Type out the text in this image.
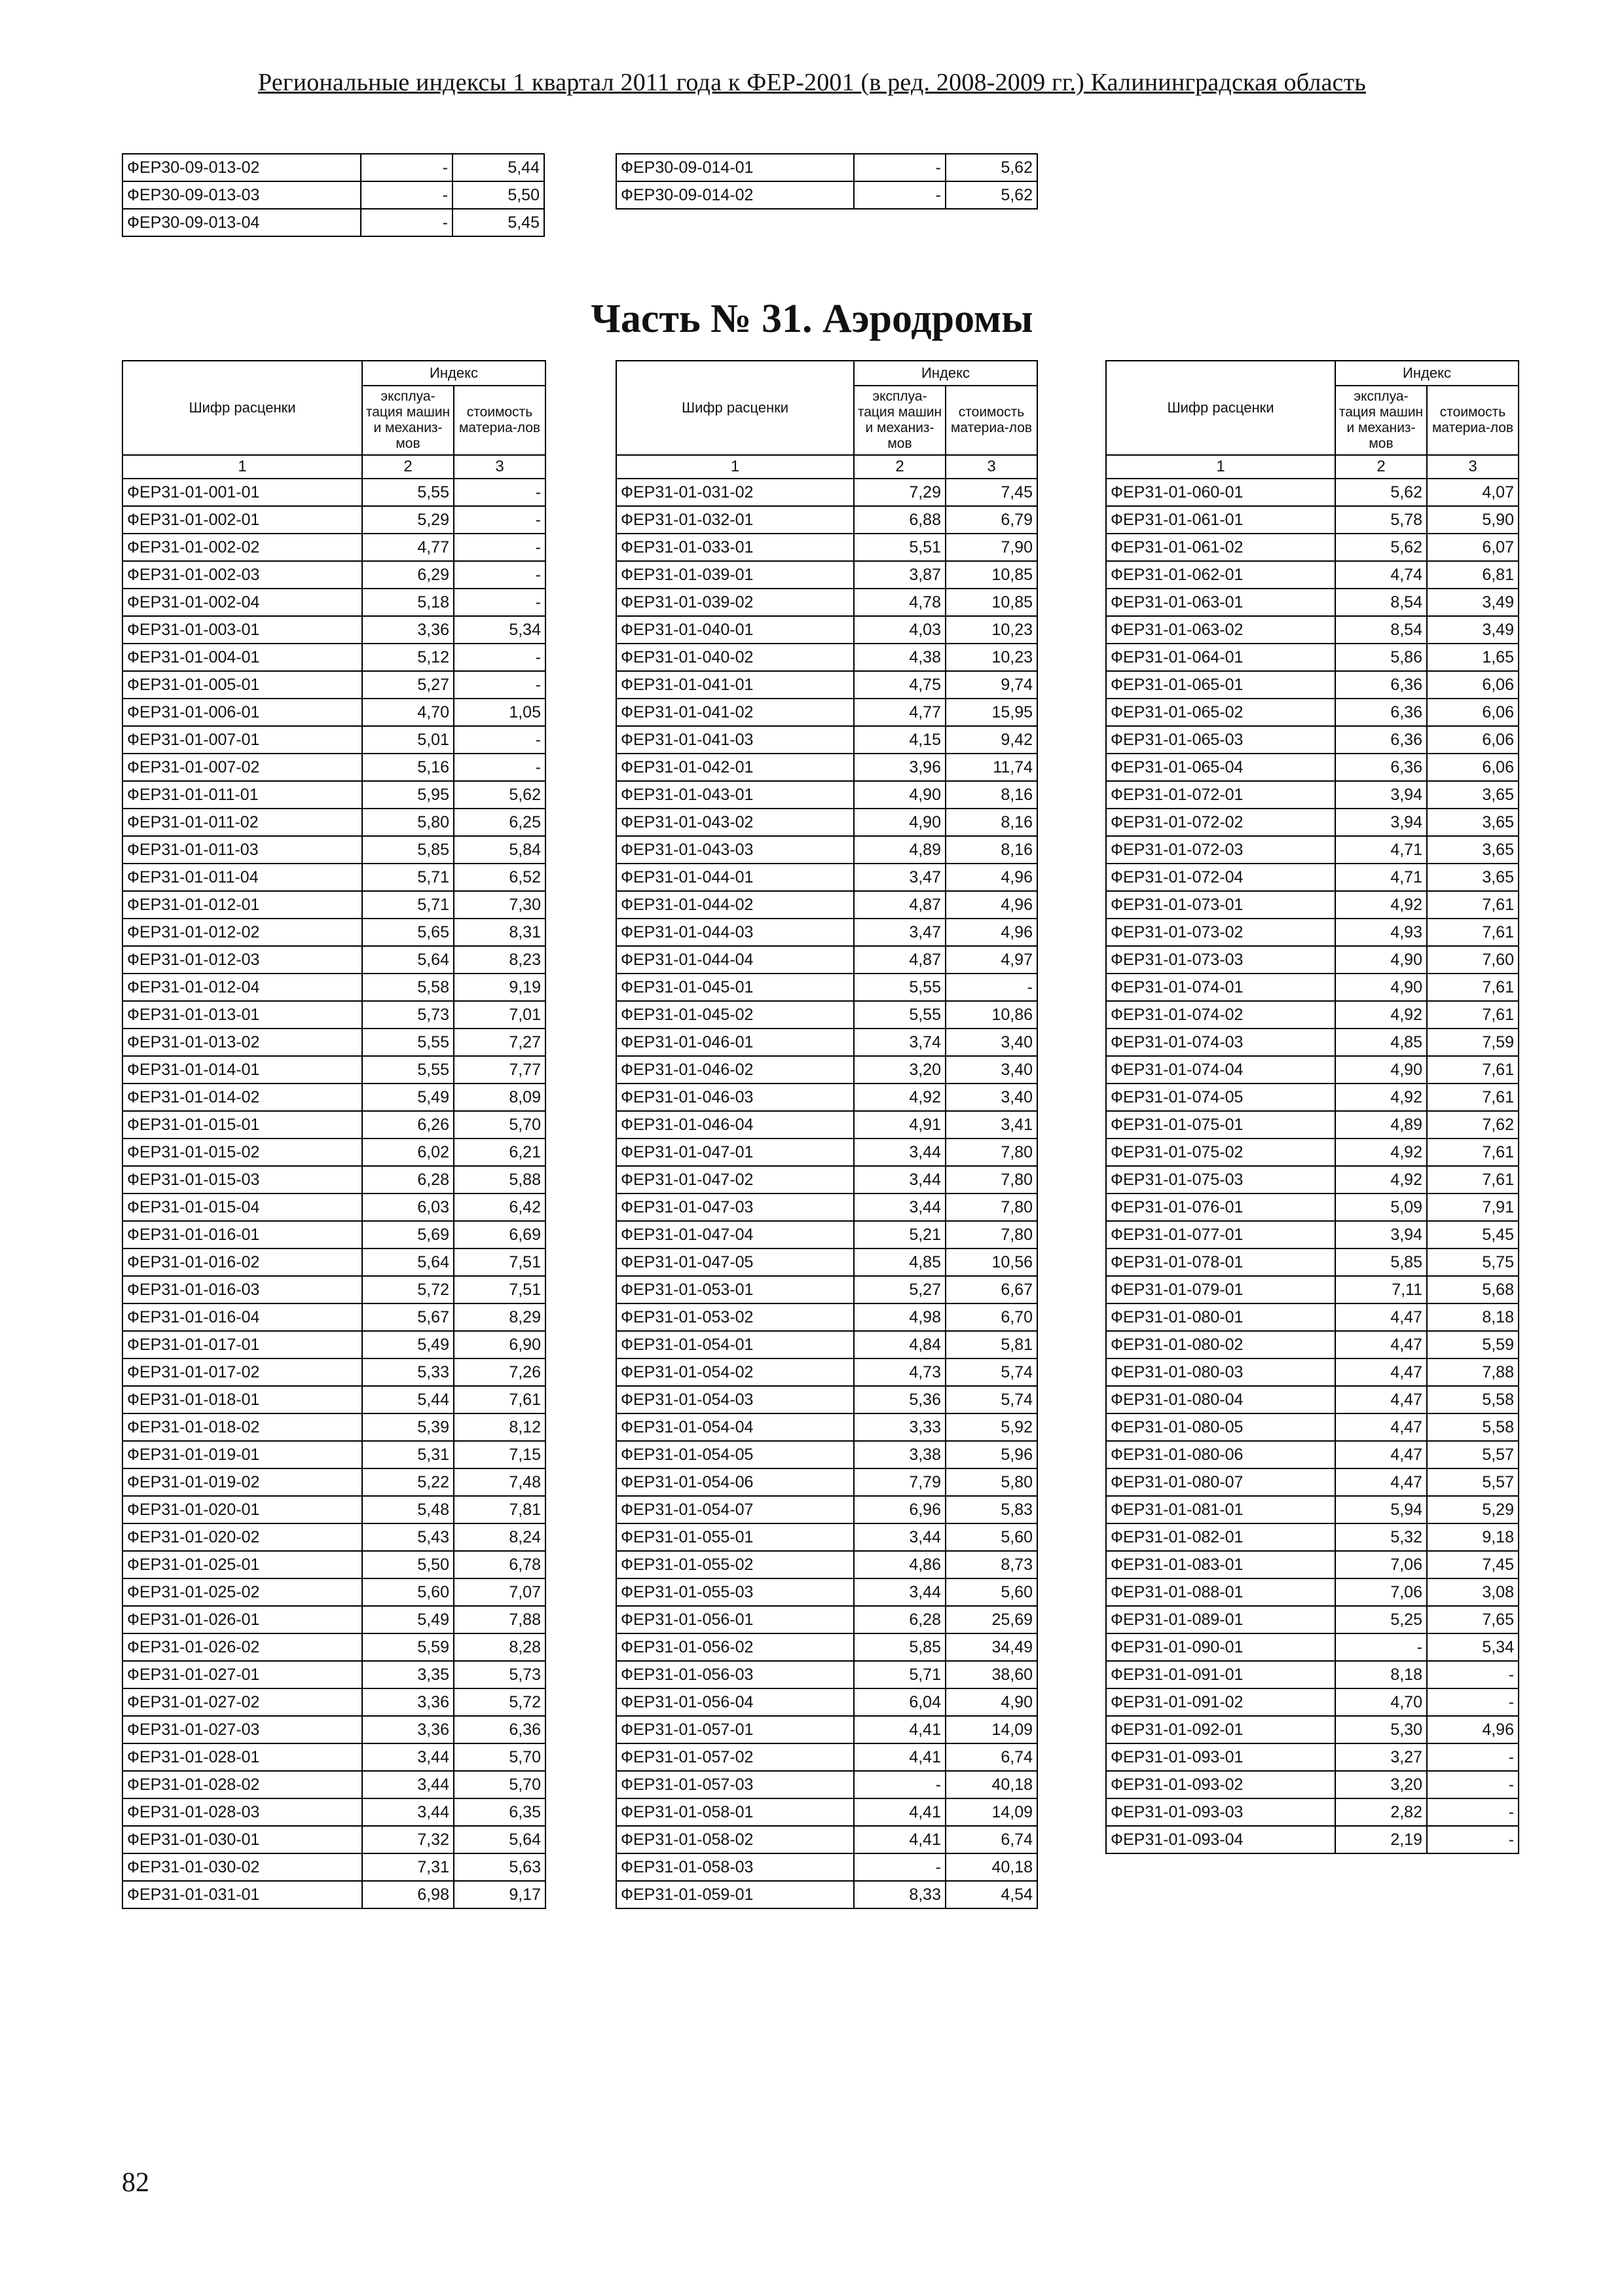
Региональные индексы 1 квартал 2011 года к ФЕР-2001 (в ред. 2008-2009 гг.) Калининградская область
ФЕР30-09-013-02	-	5,44
ФЕР30-09-013-03	-	5,50
ФЕР30-09-013-04	-	5,45
ФЕР30-09-014-01	-	5,62
ФЕР30-09-014-02	-	5,62
Часть № 31. Аэродромы
Шифр расценки	Индекс	
	эксплуа-тация машин и механиз-мов	стоимость материа-лов
1	2	3
ФЕР31-01-001-01	5,55	-
ФЕР31-01-002-01	5,29	-
ФЕР31-01-002-02	4,77	-
ФЕР31-01-002-03	6,29	-
ФЕР31-01-002-04	5,18	-
ФЕР31-01-003-01	3,36	5,34
ФЕР31-01-004-01	5,12	-
ФЕР31-01-005-01	5,27	-
ФЕР31-01-006-01	4,70	1,05
ФЕР31-01-007-01	5,01	-
ФЕР31-01-007-02	5,16	-
ФЕР31-01-011-01	5,95	5,62
ФЕР31-01-011-02	5,80	6,25
ФЕР31-01-011-03	5,85	5,84
ФЕР31-01-011-04	5,71	6,52
ФЕР31-01-012-01	5,71	7,30
ФЕР31-01-012-02	5,65	8,31
ФЕР31-01-012-03	5,64	8,23
ФЕР31-01-012-04	5,58	9,19
ФЕР31-01-013-01	5,73	7,01
ФЕР31-01-013-02	5,55	7,27
ФЕР31-01-014-01	5,55	7,77
ФЕР31-01-014-02	5,49	8,09
ФЕР31-01-015-01	6,26	5,70
ФЕР31-01-015-02	6,02	6,21
ФЕР31-01-015-03	6,28	5,88
ФЕР31-01-015-04	6,03	6,42
ФЕР31-01-016-01	5,69	6,69
ФЕР31-01-016-02	5,64	7,51
ФЕР31-01-016-03	5,72	7,51
ФЕР31-01-016-04	5,67	8,29
ФЕР31-01-017-01	5,49	6,90
ФЕР31-01-017-02	5,33	7,26
ФЕР31-01-018-01	5,44	7,61
ФЕР31-01-018-02	5,39	8,12
ФЕР31-01-019-01	5,31	7,15
ФЕР31-01-019-02	5,22	7,48
ФЕР31-01-020-01	5,48	7,81
ФЕР31-01-020-02	5,43	8,24
ФЕР31-01-025-01	5,50	6,78
ФЕР31-01-025-02	5,60	7,07
ФЕР31-01-026-01	5,49	7,88
ФЕР31-01-026-02	5,59	8,28
ФЕР31-01-027-01	3,35	5,73
ФЕР31-01-027-02	3,36	5,72
ФЕР31-01-027-03	3,36	6,36
ФЕР31-01-028-01	3,44	5,70
ФЕР31-01-028-02	3,44	5,70
ФЕР31-01-028-03	3,44	6,35
ФЕР31-01-030-01	7,32	5,64
ФЕР31-01-030-02	7,31	5,63
ФЕР31-01-031-01	6,98	9,17
Шифр расценки	Индекс	
	эксплуа-тация машин и механиз-мов	стоимость материа-лов
1	2	3
ФЕР31-01-031-02	7,29	7,45
ФЕР31-01-032-01	6,88	6,79
ФЕР31-01-033-01	5,51	7,90
ФЕР31-01-039-01	3,87	10,85
ФЕР31-01-039-02	4,78	10,85
ФЕР31-01-040-01	4,03	10,23
ФЕР31-01-040-02	4,38	10,23
ФЕР31-01-041-01	4,75	9,74
ФЕР31-01-041-02	4,77	15,95
ФЕР31-01-041-03	4,15	9,42
ФЕР31-01-042-01	3,96	11,74
ФЕР31-01-043-01	4,90	8,16
ФЕР31-01-043-02	4,90	8,16
ФЕР31-01-043-03	4,89	8,16
ФЕР31-01-044-01	3,47	4,96
ФЕР31-01-044-02	4,87	4,96
ФЕР31-01-044-03	3,47	4,96
ФЕР31-01-044-04	4,87	4,97
ФЕР31-01-045-01	5,55	-
ФЕР31-01-045-02	5,55	10,86
ФЕР31-01-046-01	3,74	3,40
ФЕР31-01-046-02	3,20	3,40
ФЕР31-01-046-03	4,92	3,40
ФЕР31-01-046-04	4,91	3,41
ФЕР31-01-047-01	3,44	7,80
ФЕР31-01-047-02	3,44	7,80
ФЕР31-01-047-03	3,44	7,80
ФЕР31-01-047-04	5,21	7,80
ФЕР31-01-047-05	4,85	10,56
ФЕР31-01-053-01	5,27	6,67
ФЕР31-01-053-02	4,98	6,70
ФЕР31-01-054-01	4,84	5,81
ФЕР31-01-054-02	4,73	5,74
ФЕР31-01-054-03	5,36	5,74
ФЕР31-01-054-04	3,33	5,92
ФЕР31-01-054-05	3,38	5,96
ФЕР31-01-054-06	7,79	5,80
ФЕР31-01-054-07	6,96	5,83
ФЕР31-01-055-01	3,44	5,60
ФЕР31-01-055-02	4,86	8,73
ФЕР31-01-055-03	3,44	5,60
ФЕР31-01-056-01	6,28	25,69
ФЕР31-01-056-02	5,85	34,49
ФЕР31-01-056-03	5,71	38,60
ФЕР31-01-056-04	6,04	4,90
ФЕР31-01-057-01	4,41	14,09
ФЕР31-01-057-02	4,41	6,74
ФЕР31-01-057-03	-	40,18
ФЕР31-01-058-01	4,41	14,09
ФЕР31-01-058-02	4,41	6,74
ФЕР31-01-058-03	-	40,18
ФЕР31-01-059-01	8,33	4,54
Шифр расценки	Индекс	
	эксплуа-тация машин и механиз-мов	стоимость материа-лов
1	2	3
ФЕР31-01-060-01	5,62	4,07
ФЕР31-01-061-01	5,78	5,90
ФЕР31-01-061-02	5,62	6,07
ФЕР31-01-062-01	4,74	6,81
ФЕР31-01-063-01	8,54	3,49
ФЕР31-01-063-02	8,54	3,49
ФЕР31-01-064-01	5,86	1,65
ФЕР31-01-065-01	6,36	6,06
ФЕР31-01-065-02	6,36	6,06
ФЕР31-01-065-03	6,36	6,06
ФЕР31-01-065-04	6,36	6,06
ФЕР31-01-072-01	3,94	3,65
ФЕР31-01-072-02	3,94	3,65
ФЕР31-01-072-03	4,71	3,65
ФЕР31-01-072-04	4,71	3,65
ФЕР31-01-073-01	4,92	7,61
ФЕР31-01-073-02	4,93	7,61
ФЕР31-01-073-03	4,90	7,60
ФЕР31-01-074-01	4,90	7,61
ФЕР31-01-074-02	4,92	7,61
ФЕР31-01-074-03	4,85	7,59
ФЕР31-01-074-04	4,90	7,61
ФЕР31-01-074-05	4,92	7,61
ФЕР31-01-075-01	4,89	7,62
ФЕР31-01-075-02	4,92	7,61
ФЕР31-01-075-03	4,92	7,61
ФЕР31-01-076-01	5,09	7,91
ФЕР31-01-077-01	3,94	5,45
ФЕР31-01-078-01	5,85	5,75
ФЕР31-01-079-01	7,11	5,68
ФЕР31-01-080-01	4,47	8,18
ФЕР31-01-080-02	4,47	5,59
ФЕР31-01-080-03	4,47	7,88
ФЕР31-01-080-04	4,47	5,58
ФЕР31-01-080-05	4,47	5,58
ФЕР31-01-080-06	4,47	5,57
ФЕР31-01-080-07	4,47	5,57
ФЕР31-01-081-01	5,94	5,29
ФЕР31-01-082-01	5,32	9,18
ФЕР31-01-083-01	7,06	7,45
ФЕР31-01-088-01	7,06	3,08
ФЕР31-01-089-01	5,25	7,65
ФЕР31-01-090-01	-	5,34
ФЕР31-01-091-01	8,18	-
ФЕР31-01-091-02	4,70	-
ФЕР31-01-092-01	5,30	4,96
ФЕР31-01-093-01	3,27	-
ФЕР31-01-093-02	3,20	-
ФЕР31-01-093-03	2,82	-
ФЕР31-01-093-04	2,19	-
82
